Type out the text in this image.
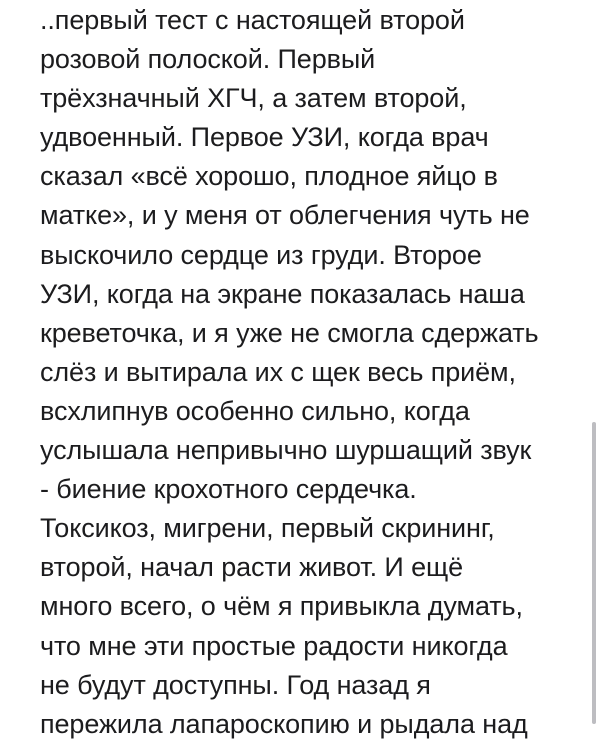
..первый тест с настоящей второй
розовой полоской. Первый
трёхзначный ХГЧ, а затем второй,
удвоенный. Первое УЗИ, когда врач
сказал «всё хорошо, плодное яйцо в
матке», и у меня от облегчения чуть не
выскочило сердце из груди. Второе
УЗИ, когда на экране показалась наша
креветочка, и я уже не смогла сдержать
слёз и вытирала их с щек весь приём,
всхлипнув особенно сильно, когда
услышала непривычно шуршащий звук
- биение крохотного сердечка.
Токсикоз, мигрени, первый скрининг,
второй, начал расти живот. И ещё
много всего, о чём я привыкла думать,
что мне эти простые радости никогда
не будут доступны. Год назад я
пережила лапароскопию и рыдала над
